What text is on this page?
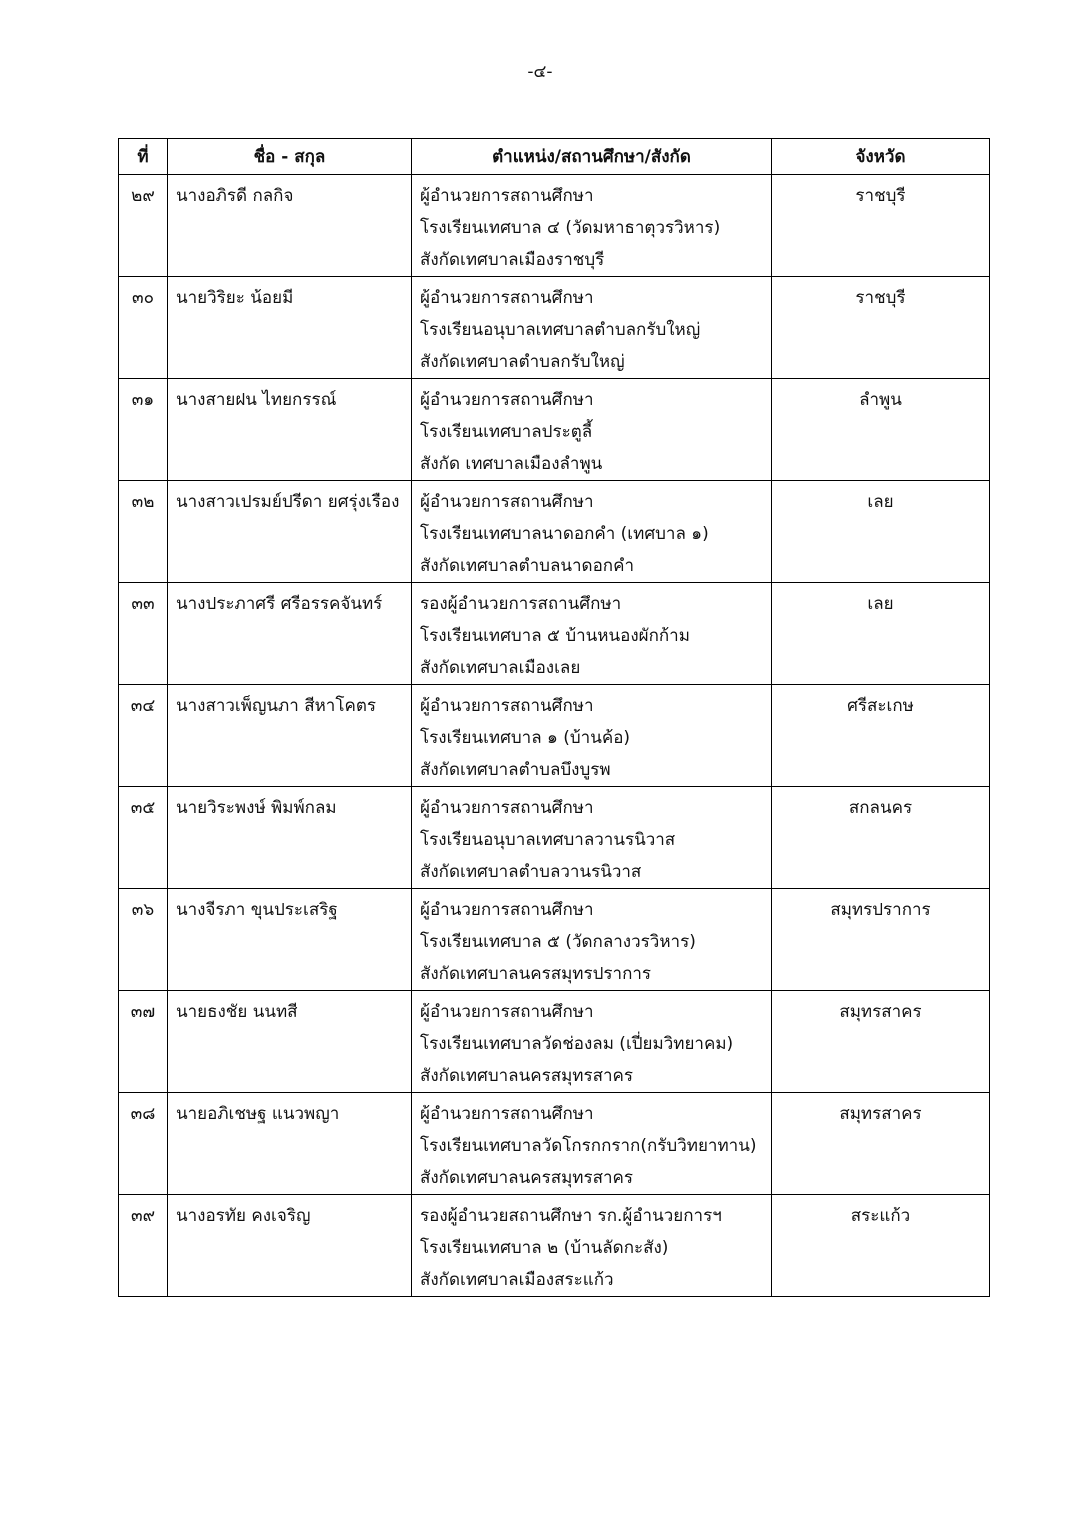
-๔-
ที่	ชื่อ - สกุล	ตำแหน่ง/สถานศึกษา/สังกัด	จังหวัด

๒๙	นางอภิรดี กลกิจ	ผู้อำนวยการสถานศึกษา
โรงเรียนเทศบาล ๔ (วัดมหาธาตุวรวิหาร)
สังกัดเทศบาลเมืองราชบุรี	ราชบุรี

๓๐	นายวิริยะ น้อยมี	ผู้อำนวยการสถานศึกษา
โรงเรียนอนุบาลเทศบาลตำบลกรับใหญ่
สังกัดเทศบาลตำบลกรับใหญ่	ราชบุรี

๓๑	นางสายฝน ไทยกรรณ์	ผู้อำนวยการสถานศึกษา
โรงเรียนเทศบาลประตูลี้
สังกัด เทศบาลเมืองลำพูน	ลำพูน

๓๒	นางสาวเปรมย์ปรีดา ยศรุ่งเรือง	ผู้อำนวยการสถานศึกษา
โรงเรียนเทศบาลนาดอกคำ (เทศบาล ๑)
สังกัดเทศบาลตำบลนาดอกคำ	เลย

๓๓	นางประภาศรี ศรีอรรคจันทร์	รองผู้อำนวยการสถานศึกษา
โรงเรียนเทศบาล ๕ บ้านหนองผักก้าม
สังกัดเทศบาลเมืองเลย	เลย

๓๔	นางสาวเพ็ญนภา สีหาโคตร	ผู้อำนวยการสถานศึกษา
โรงเรียนเทศบาล ๑ (บ้านค้อ)
สังกัดเทศบาลตำบลบึงบูรพ	ศรีสะเกษ

๓๕	นายวิระพงษ์ พิมพ์กลม	ผู้อำนวยการสถานศึกษา
โรงเรียนอนุบาลเทศบาลวานรนิวาส
สังกัดเทศบาลตำบลวานรนิวาส	สกลนคร

๓๖	นางจีรภา ขุนประเสริฐ	ผู้อำนวยการสถานศึกษา
โรงเรียนเทศบาล ๕ (วัดกลางวรวิหาร)
สังกัดเทศบาลนครสมุทรปราการ	สมุทรปราการ

๓๗	นายธงชัย นนทสี	ผู้อำนวยการสถานศึกษา
โรงเรียนเทศบาลวัดช่องลม (เปี่ยมวิทยาคม)
สังกัดเทศบาลนครสมุทรสาคร	สมุทรสาคร

๓๘	นายอภิเชษฐ แนวพญา	ผู้อำนวยการสถานศึกษา
โรงเรียนเทศบาลวัดโกรกกราก(กรับวิทยาทาน)
สังกัดเทศบาลนครสมุทรสาคร	สมุทรสาคร

๓๙	นางอรทัย คงเจริญ	รองผู้อำนวยสถานศึกษา รก.ผู้อำนวยการฯ
โรงเรียนเทศบาล ๒ (บ้านลัดกะสัง)
สังกัดเทศบาลเมืองสระแก้ว	สระแก้ว
